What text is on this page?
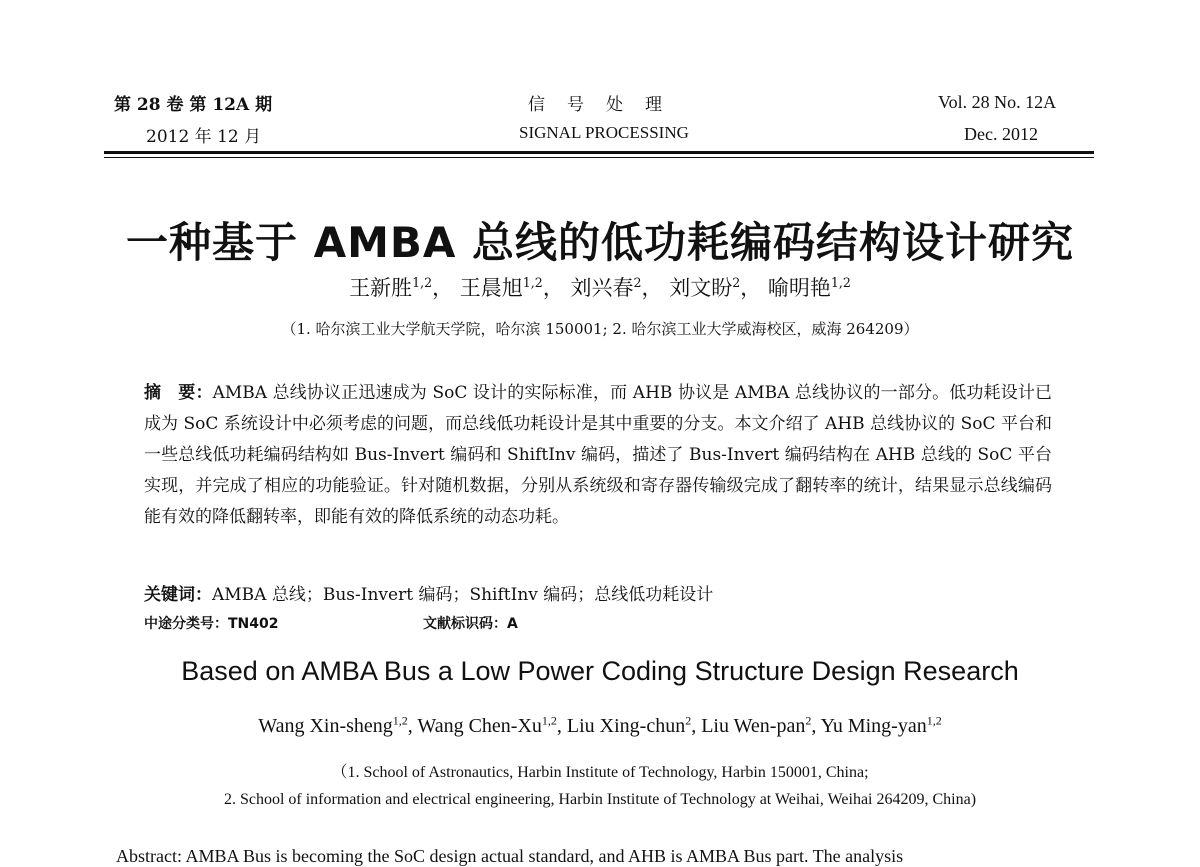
第 28 卷 第 12A 期
2012 年 12 月
信号处理
SIGNAL PROCESSING
Vol. 28 No. 12A
Dec. 2012
一种基于 AMBA 总线的低功耗编码结构设计研究
王新胜$^{1,2}$， 王晨旭$^{1,2}$， 刘兴春$^2$， 刘文盼$^2$， 喻明艳$^{1,2}$
（1. 哈尔滨工业大学航天学院，哈尔滨 150001; 2. 哈尔滨工业大学威海校区，威海 264209）
摘　要：AMBA 总线协议正迅速成为 SoC 设计的实际标准，而 AHB 协议是 AMBA 总线协议的一部分。低功耗设计已成为 SoC 系统设计中必须考虑的问题，而总线低功耗设计是其中重要的分支。本文介绍了 AHB 总线协议的 SoC 平台和一些总线低功耗编码结构如 Bus-Invert 编码和 ShiftInv 编码，描述了 Bus-Invert 编码结构在 AHB 总线的 SoC 平台实现，并完成了相应的功能验证。针对随机数据，分别从系统级和寄存器传输级完成了翻转率的统计，结果显示总线编码能有效的降低翻转率，即能有效的降低系统的动态功耗。
关键词：AMBA 总线；Bus-Invert 编码；ShiftInv 编码；总线低功耗设计
中途分类号：TN402	文献标识码：A
Based on AMBA Bus a Low Power Coding Structure Design Research
Wang Xin-sheng$^{1,2}$, Wang Chen-Xu$^{1,2}$, Liu Xing-chun$^2$, Liu Wen-pan$^2$, Yu Ming-yan$^{1,2}$
（1. School of Astronautics, Harbin Institute of Technology, Harbin 150001, China;
2. School of information and electrical engineering, Harbin Institute of Technology at Weihai, Weihai 264209, China)
Abstract: AMBA Bus is becoming the SoC design actual standard, and AHB is AMBA Bus part. The analysis
